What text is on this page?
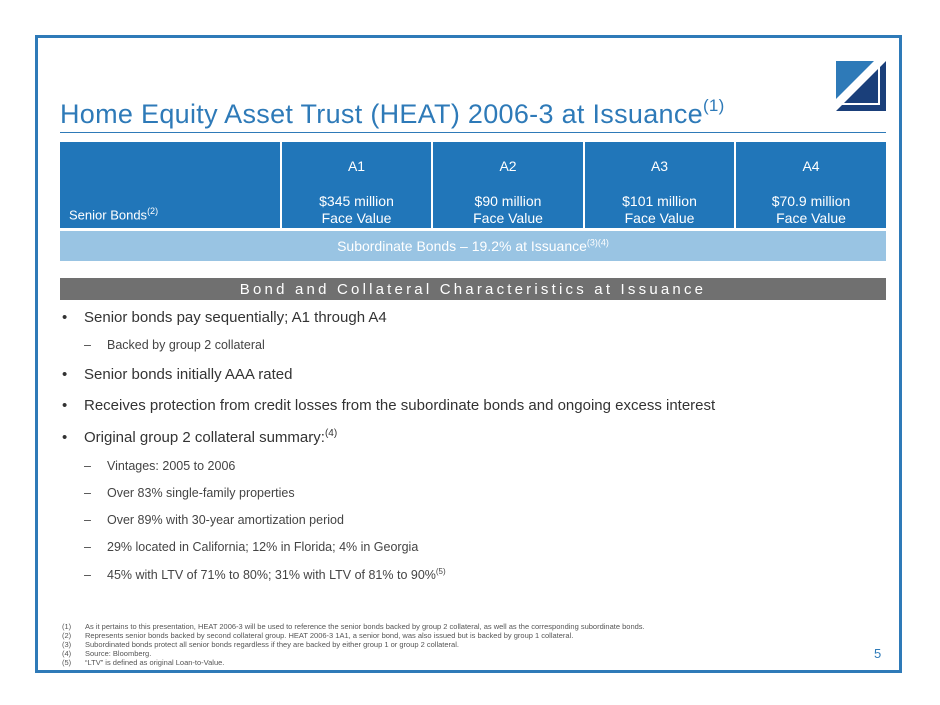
Home Equity Asset Trust (HEAT) 2006-3 at Issuance$^{(1)}$
Senior Bonds$^{(2)}$
A1
$345 million
Face Value
A2
$90 million
Face Value
A3
$101 million
Face Value
A4
$70.9 million
Face Value
Subordinate Bonds – 19.2% at Issuance$^{(3)(4)}$
Bond and Collateral Characteristics at Issuance
• Senior bonds pay sequentially; A1 through A4
– Backed by group 2 collateral
• Senior bonds initially AAA rated
• Receives protection from credit losses from the subordinate bonds and ongoing excess interest
• Original group 2 collateral summary:$^{(4)}$
– Vintages: 2005 to 2006
– Over 83% single-family properties
– Over 89% with 30-year amortization period
– 29% located in California; 12% in Florida; 4% in Georgia
– 45% with LTV of 71% to 80%; 31% with LTV of 81% to 90%$^{(5)}$
(1) As it pertains to this presentation, HEAT 2006-3 will be used to reference the senior bonds backed by group 2 collateral, as well as the corresponding subordinate bonds.
(2) Represents senior bonds backed by second collateral group. HEAT 2006-3 1A1, a senior bond, was also issued but is backed by group 1 collateral.
(3) Subordinated bonds protect all senior bonds regardless if they are backed by either group 1 or group 2 collateral.
(4) Source: Bloomberg.
(5) “LTV” is defined as original Loan-to-Value.
5
